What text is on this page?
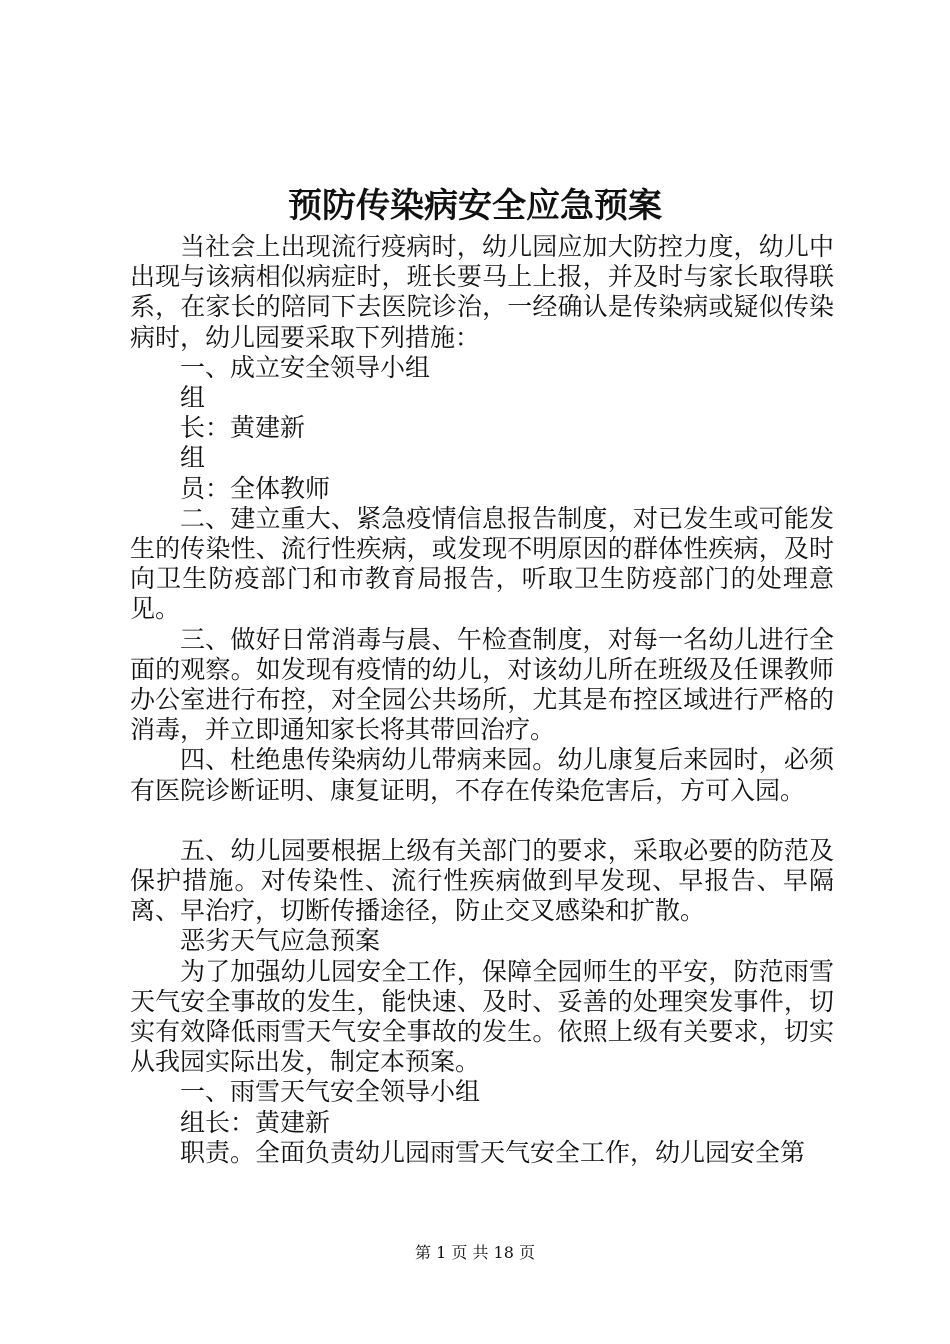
预防传染病安全应急预案

当社会上出现流行疫病时，幼儿园应加大防控力度，幼儿中出现与该病相似病症时，班长要马上上报，并及时与家长取得联系，在家长的陪同下去医院诊治，一经确认是传染病或疑似传染病时，幼儿园要采取下列措施：

一、成立安全领导小组

组

长：黄建新

组

员：全体教师

二、建立重大、紧急疫情信息报告制度，对已发生或可能发生的传染性、流行性疾病，或发现不明原因的群体性疾病，及时向卫生防疫部门和市教育局报告，听取卫生防疫部门的处理意见。

三、做好日常消毒与晨、午检查制度，对每一名幼儿进行全面的观察。如发现有疫情的幼儿，对该幼儿所在班级及任课教师办公室进行布控，对全园公共场所，尤其是布控区域进行严格的消毒，并立即通知家长将其带回治疗。

四、杜绝患传染病幼儿带病来园。幼儿康复后来园时，必须有医院诊断证明、康复证明，不存在传染危害后，方可入园。

五、幼儿园要根据上级有关部门的要求，采取必要的防范及保护措施。对传染性、流行性疾病做到早发现、早报告、早隔离、早治疗，切断传播途径，防止交叉感染和扩散。

恶劣天气应急预案

为了加强幼儿园安全工作，保障全园师生的平安，防范雨雪天气安全事故的发生，能快速、及时、妥善的处理突发事件，切实有效降低雨雪天气安全事故的发生。依照上级有关要求，切实从我园实际出发，制定本预案。

一、雨雪天气安全领导小组

组长：黄建新

职责。全面负责幼儿园雨雪天气安全工作，幼儿园安全第

第 1 页 共 18 页
